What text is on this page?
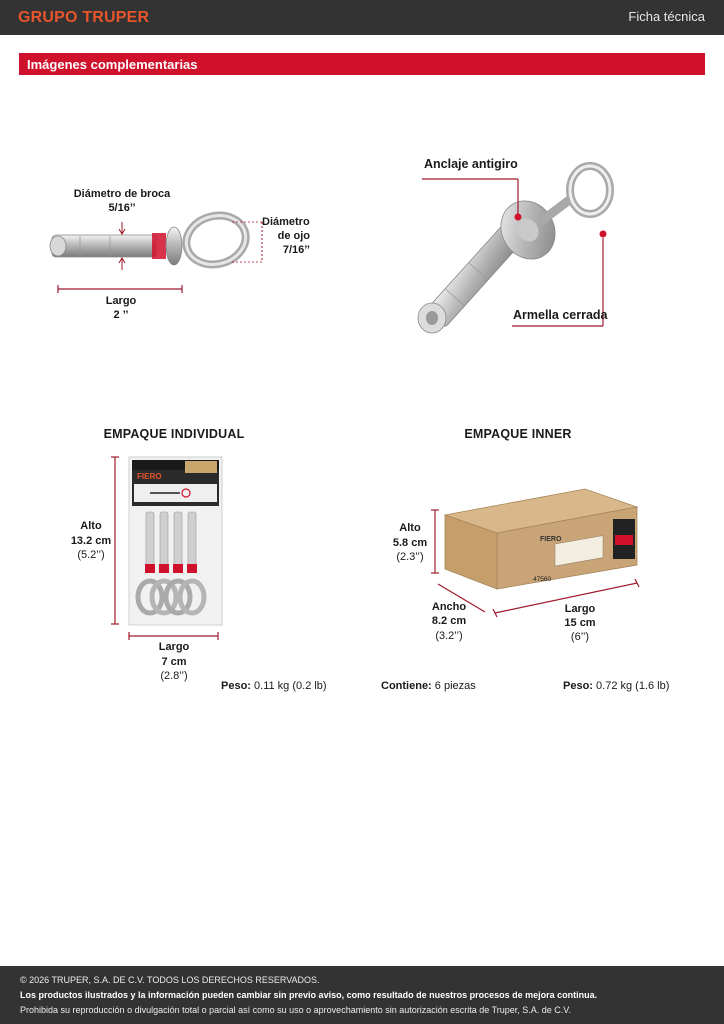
GRUPO TRUPER	Ficha técnica
Imágenes complementarias
Diámetro de broca
5/16’’
Diámetro
de ojo
7/16’’
Largo
2 ’’
Anclaje antigiro
Armella cerrada
EMPAQUE INDIVIDUAL
FIERO
Alto
13.2 cm
(5.2’’)
Largo
7 cm
(2.8’’)
Peso: 0.11 kg (0.2 lb)
EMPAQUE INNER
FIERO
47560
Alto
5.8 cm
(2.3’’)
Ancho
8.2 cm
(3.2’’)
Largo
15 cm
(6’’)
Contiene: 6 piezas	Peso: 0.72 kg (1.6 lb)
© 2026 TRUPER, S.A. DE C.V. TODOS LOS DERECHOS RESERVADOS.
Los productos ilustrados y la información pueden cambiar sin previo aviso, como resultado de nuestros procesos de mejora continua.
Prohibida su reproducción o divulgación total o parcial así como su uso o aprovechamiento sin autorización escrita de Truper, S.A. de C.V.
